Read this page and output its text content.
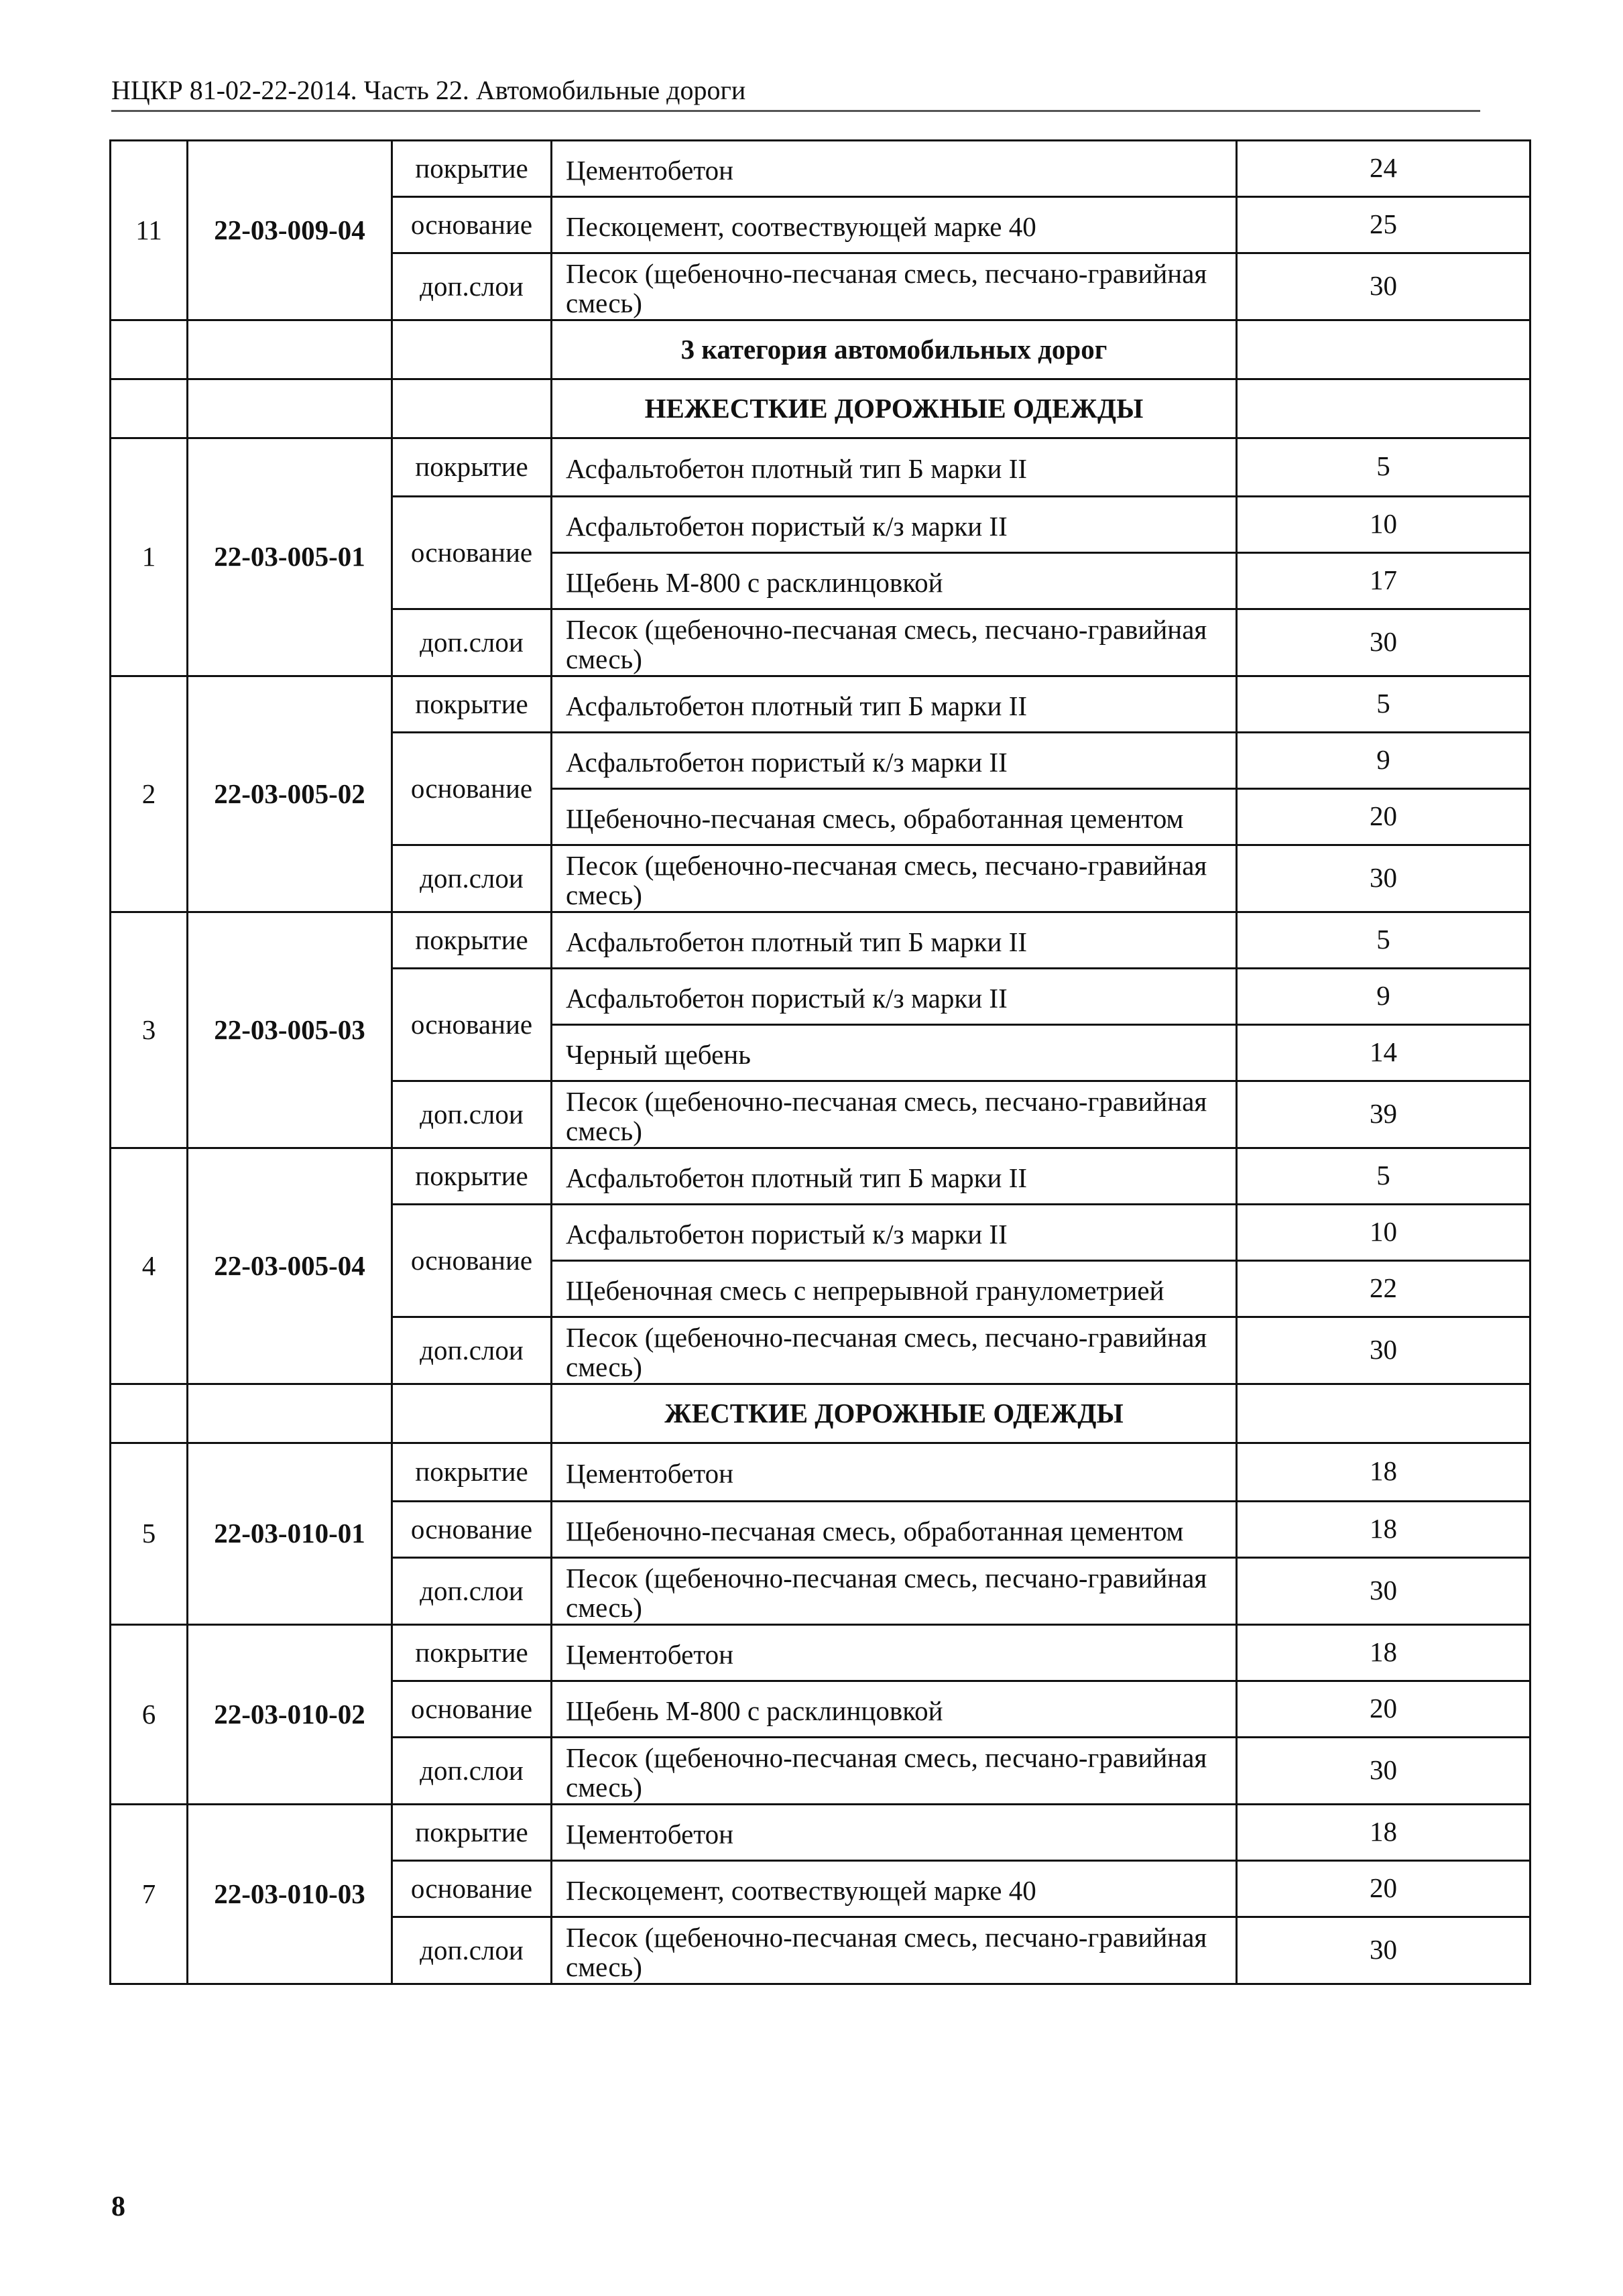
НЦКР 81-02-22-2014. Часть 22. Автомобильные дороги
11	22-03-009-04	покрытие	Цементобетон	24
		основание	Пескоцемент, соотвествующей марке 40	25
		доп.слои	Песок (щебеночно-песчаная смесь, песчано-гравийная
смесь)	30
			3 категория автомобильных дорог	
			НЕЖЕСТКИЕ ДОРОЖНЫЕ ОДЕЖДЫ	
1	22-03-005-01	покрытие	Асфальтобетон плотный тип Б марки II	5
		основание	Асфальтобетон пористый к/з марки II	10
			Щебень М-800 с расклинцовкой	17
		доп.слои	Песок (щебеночно-песчаная смесь, песчано-гравийная
смесь)	30
2	22-03-005-02	покрытие	Асфальтобетон плотный тип Б марки II	5
		основание	Асфальтобетон пористый к/з марки II	9
			Щебеночно-песчаная смесь, обработанная цементом	20
		доп.слои	Песок (щебеночно-песчаная смесь, песчано-гравийная
смесь)	30
3	22-03-005-03	покрытие	Асфальтобетон плотный тип Б марки II	5
		основание	Асфальтобетон пористый к/з марки II	9
			Черный щебень	14
		доп.слои	Песок (щебеночно-песчаная смесь, песчано-гравийная
смесь)	39
4	22-03-005-04	покрытие	Асфальтобетон плотный тип Б марки II	5
		основание	Асфальтобетон пористый к/з марки II	10
			Щебеночная смесь с непрерывной гранулометрией	22
		доп.слои	Песок (щебеночно-песчаная смесь, песчано-гравийная
смесь)	30
			ЖЕСТКИЕ ДОРОЖНЫЕ ОДЕЖДЫ	
5	22-03-010-01	покрытие	Цементобетон	18
		основание	Щебеночно-песчаная смесь, обработанная цементом	18
		доп.слои	Песок (щебеночно-песчаная смесь, песчано-гравийная
смесь)	30
6	22-03-010-02	покрытие	Цементобетон	18
		основание	Щебень М-800 с расклинцовкой	20
		доп.слои	Песок (щебеночно-песчаная смесь, песчано-гравийная
смесь)	30
7	22-03-010-03	покрытие	Цементобетон	18
		основание	Пескоцемент, соотвествующей марке 40	20
		доп.слои	Песок (щебеночно-песчаная смесь, песчано-гравийная
смесь)	30
8
